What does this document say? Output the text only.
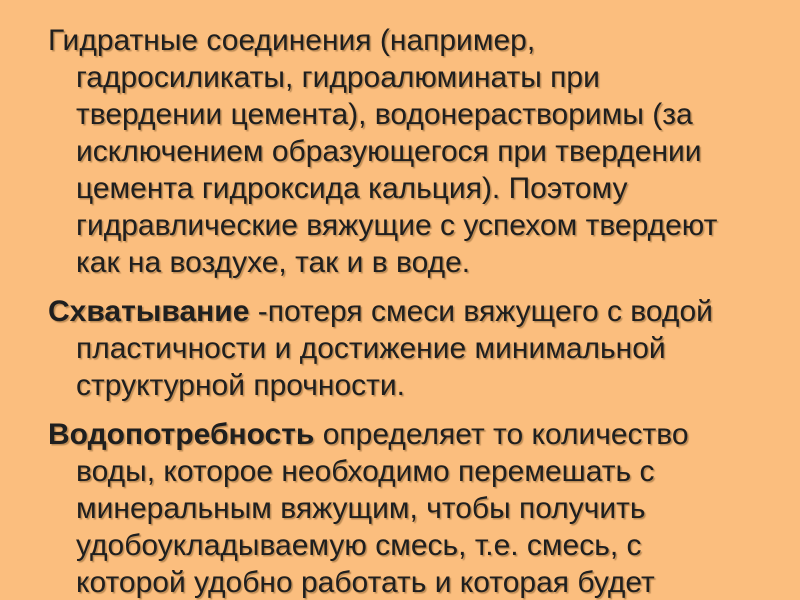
Гидратные соединения (например,
гадросиликаты, гидроалюминаты при
твердении цемента), водонерастворимы (за
исключением образующегося при твердении
цемента гидроксида кальция). Поэтому
гидравлические вяжущие с успехом твердеют
как на воздухе, так и в воде.

Схватывание -потеря смеси вяжущего с водой
пластичности и достижение минимальной
структурной прочности.

Водопотребность определяет то количество
воды, которое необходимо перемешать с
минеральным вяжущим, чтобы получить
удобоукладываемую смесь, т.е. смесь, с
которой удобно работать и которая будет
